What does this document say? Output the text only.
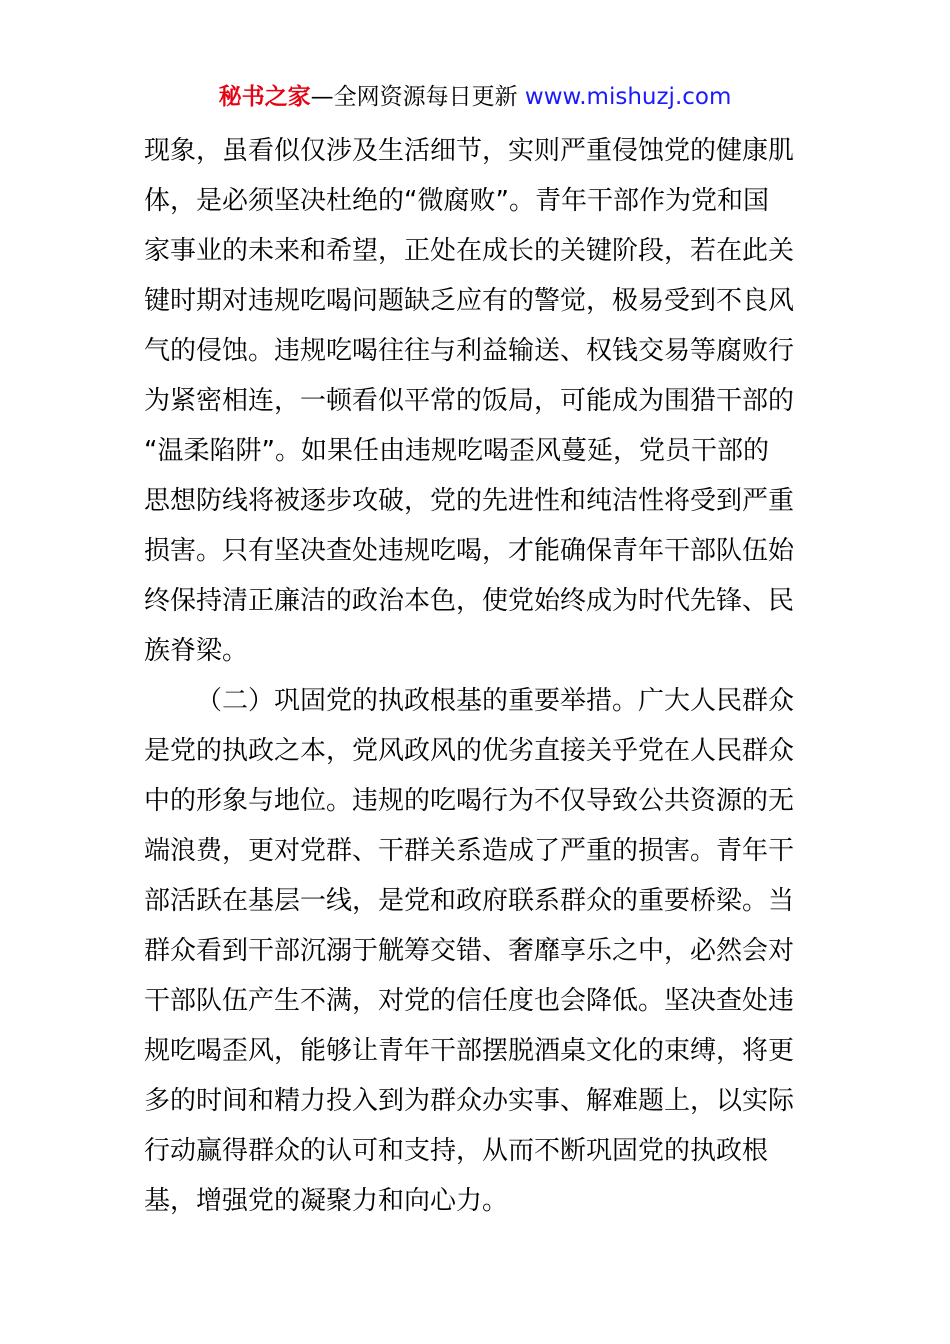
秘书之家—全网资源每日更新 www.mishuzj.com
现象，虽看似仅涉及生活细节，实则严重侵蚀党的健康肌
体，是必须坚决杜绝的“微腐败”。青年干部作为党和国
家事业的未来和希望，正处在成长的关键阶段，若在此关
键时期对违规吃喝问题缺乏应有的警觉，极易受到不良风
气的侵蚀。违规吃喝往往与利益输送、权钱交易等腐败行
为紧密相连，一顿看似平常的饭局，可能成为围猎干部的
“温柔陷阱”。如果任由违规吃喝歪风蔓延，党员干部的
思想防线将被逐步攻破，党的先进性和纯洁性将受到严重
损害。只有坚决查处违规吃喝，才能确保青年干部队伍始
终保持清正廉洁的政治本色，使党始终成为时代先锋、民
族脊梁。
（二）巩固党的执政根基的重要举措。广大人民群众
是党的执政之本，党风政风的优劣直接关乎党在人民群众
中的形象与地位。违规的吃喝行为不仅导致公共资源的无
端浪费，更对党群、干群关系造成了严重的损害。青年干
部活跃在基层一线，是党和政府联系群众的重要桥梁。当
群众看到干部沉溺于觥筹交错、奢靡享乐之中，必然会对
干部队伍产生不满，对党的信任度也会降低。坚决查处违
规吃喝歪风，能够让青年干部摆脱酒桌文化的束缚，将更
多的时间和精力投入到为群众办实事、解难题上，以实际
行动赢得群众的认可和支持，从而不断巩固党的执政根
基，增强党的凝聚力和向心力。
